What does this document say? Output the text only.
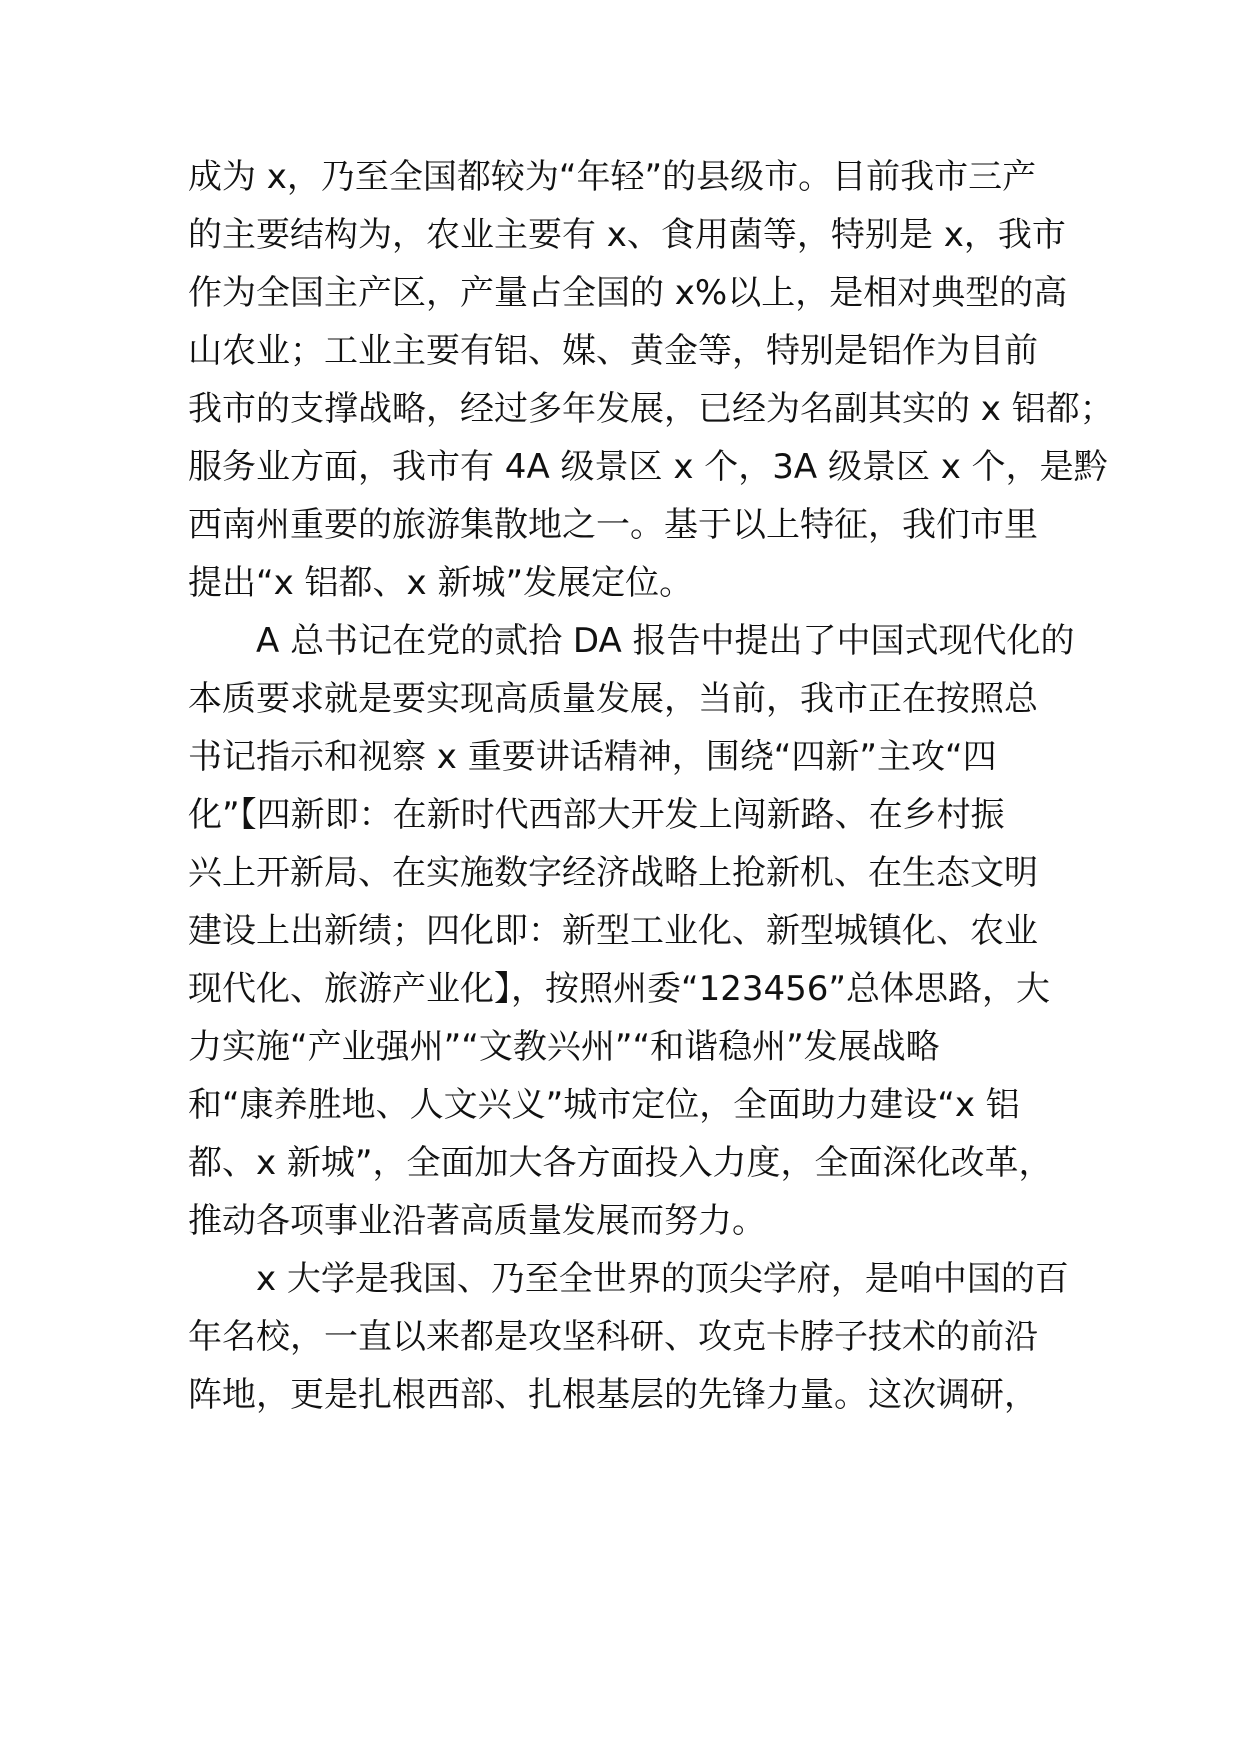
成为 x，乃至全国都较为“年轻”的县级市。目前我市三产
的主要结构为，农业主要有 x、食用菌等，特别是 x，我市
作为全国主产区，产量占全国的 x%以上，是相对典型的高
山农业；工业主要有铝、媒、黄金等，特别是铝作为目前
我市的支撑战略，经过多年发展，已经为名副其实的 x 铝都；
服务业方面，我市有 4A 级景区 x 个，3A 级景区 x 个，是黔
西南州重要的旅游集散地之一。基于以上特征，我们市里
提出“x 铝都、x 新城”发展定位。
A 总书记在党的贰拾 DA 报告中提出了中国式现代化的
本质要求就是要实现高质量发展，当前，我市正在按照总
书记指示和视察 x 重要讲话精神，围绕“四新”主攻“四
化”【四新即：在新时代西部大开发上闯新路、在乡村振
兴上开新局、在实施数字经济战略上抢新机、在生态文明
建设上出新绩；四化即：新型工业化、新型城镇化、农业
现代化、旅游产业化】，按照州委“123456”总体思路，大
力实施“产业强州”“文教兴州”“和谐稳州”发展战略
和“康养胜地、人文兴义”城市定位，全面助力建设“x 铝
都、x 新城”，全面加大各方面投入力度，全面深化改革，
推动各项事业沿著高质量发展而努力。
x 大学是我国、乃至全世界的顶尖学府，是咱中国的百
年名校，一直以来都是攻坚科研、攻克卡脖子技术的前沿
阵地，更是扎根西部、扎根基层的先锋力量。这次调研，
